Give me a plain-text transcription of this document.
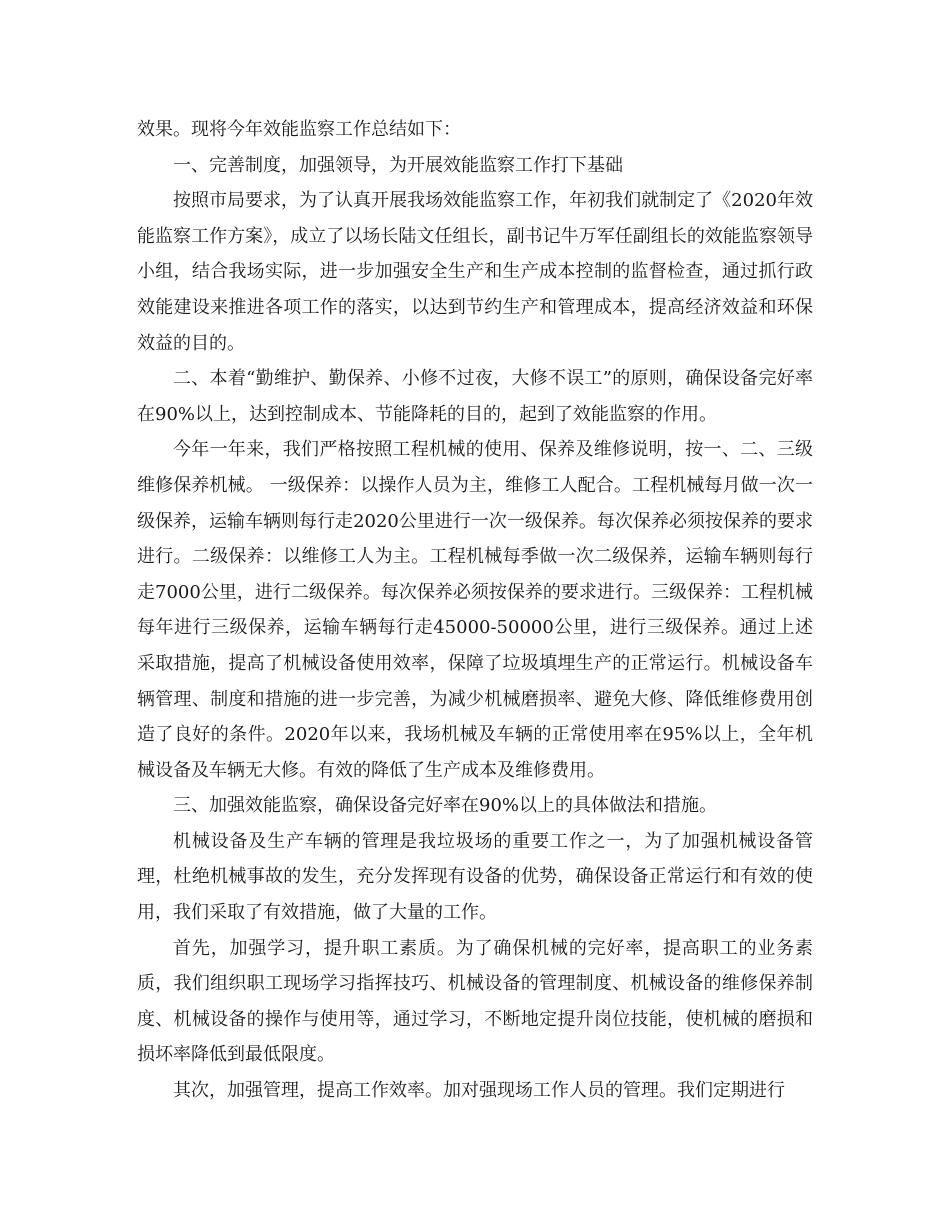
效果。现将今年效能监察工作总结如下：

一、完善制度，加强领导，为开展效能监察工作打下基础

按照市局要求，为了认真开展我场效能监察工作，年初我们就制定了《2020年效能监察工作方案》，成立了以场长陆文任组长，副书记牛万军任副组长的效能监察领导小组，结合我场实际，进一步加强安全生产和生产成本控制的监督检查，通过抓行政效能建设来推进各项工作的落实，以达到节约生产和管理成本，提高经济效益和环保效益的目的。

二、本着“勤维护、勤保养、小修不过夜，大修不误工”的原则，确保设备完好率在90%以上，达到控制成本、节能降耗的目的，起到了效能监察的作用。

今年一年来，我们严格按照工程机械的使用、保养及维修说明，按一、二、三级维修保养机械。 一级保养：以操作人员为主，维修工人配合。工程机械每月做一次一级保养，运输车辆则每行走2020公里进行一次一级保养。每次保养必须按保养的要求进行。二级保养：以维修工人为主。工程机械每季做一次二级保养，运输车辆则每行走7000公里，进行二级保养。每次保养必须按保养的要求进行。三级保养：工程机械每年进行三级保养，运输车辆每行走45000-50000公里，进行三级保养。通过上述采取措施，提高了机械设备使用效率，保障了垃圾填埋生产的正常运行。机械设备车辆管理、制度和措施的进一步完善，为减少机械磨损率、避免大修、降低维修费用创造了良好的条件。2020年以来，我场机械及车辆的正常使用率在95%以上，全年机械设备及车辆无大修。有效的降低了生产成本及维修费用。

三、加强效能监察，确保设备完好率在90%以上的具体做法和措施。

机械设备及生产车辆的管理是我垃圾场的重要工作之一，为了加强机械设备管理，杜绝机械事故的发生，充分发挥现有设备的优势，确保设备正常运行和有效的使用，我们采取了有效措施，做了大量的工作。

首先，加强学习，提升职工素质。为了确保机械的完好率，提高职工的业务素质，我们组织职工现场学习指挥技巧、机械设备的管理制度、机械设备的维修保养制度、机械设备的操作与使用等，通过学习，不断地定提升岗位技能，使机械的磨损和损坏率降低到最低限度。

其次，加强管理，提高工作效率。加对强现场工作人员的管理。我们定期进行
